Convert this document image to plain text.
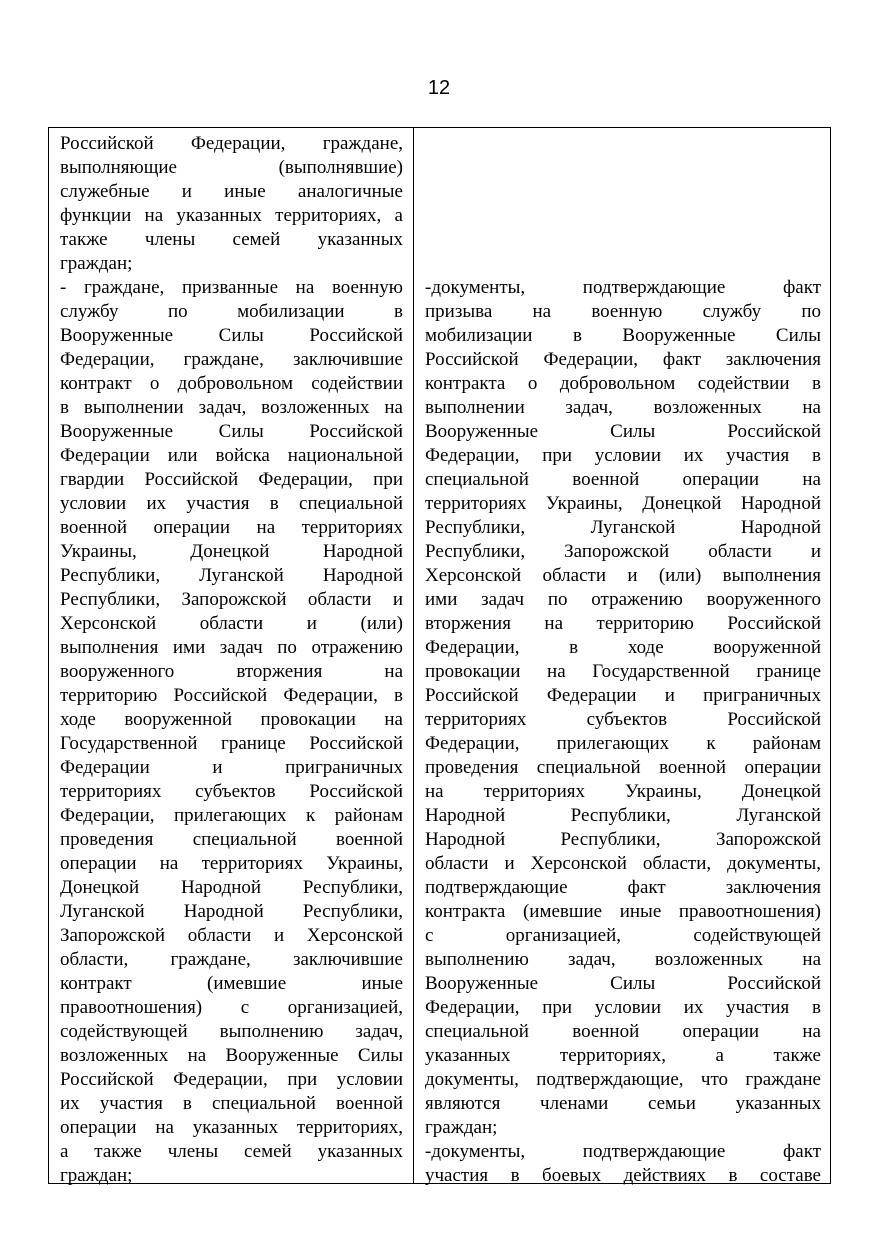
12
Российской Федерации, граждане,
выполняющие (выполнявшие)
служебные и иные аналогичные
функции на указанных территориях, а
также члены семей указанных
граждан;
- граждане, призванные на военную
службу по мобилизации в
Вооруженные Силы Российской
Федерации, граждане, заключившие
контракт о добровольном содействии
в выполнении задач, возложенных на
Вооруженные Силы Российской
Федерации или войска национальной
гвардии Российской Федерации, при
условии их участия в специальной
военной операции на территориях
Украины, Донецкой Народной
Республики, Луганской Народной
Республики, Запорожской области и
Херсонской области и (или)
выполнения ими задач по отражению
вооруженного вторжения на
территорию Российской Федерации, в
ходе вооруженной провокации на
Государственной границе Российской
Федерации и приграничных
территориях субъектов Российской
Федерации, прилегающих к районам
проведения специальной военной
операции на территориях Украины,
Донецкой Народной Республики,
Луганской Народной Республики,
Запорожской области и Херсонской
области, граждане, заключившие
контракт (имевшие иные
правоотношения) с организацией,
содействующей выполнению задач,
возложенных на Вооруженные Силы
Российской Федерации, при условии
их участия в специальной военной
операции на указанных территориях,
а также члены семей указанных
граждан;
-документы, подтверждающие факт
призыва на военную службу по
мобилизации в Вооруженные Силы
Российской Федерации, факт заключения
контракта о добровольном содействии в
выполнении задач, возложенных на
Вооруженные Силы Российской
Федерации, при условии их участия в
специальной военной операции на
территориях Украины, Донецкой Народной
Республики, Луганской Народной
Республики, Запорожской области и
Херсонской области и (или) выполнения
ими задач по отражению вооруженного
вторжения на территорию Российской
Федерации, в ходе вооруженной
провокации на Государственной границе
Российской Федерации и приграничных
территориях субъектов Российской
Федерации, прилегающих к районам
проведения специальной военной операции
на территориях Украины, Донецкой
Народной Республики, Луганской
Народной Республики, Запорожской
области и Херсонской области, документы,
подтверждающие факт заключения
контракта (имевшие иные правоотношения)
с организацией, содействующей
выполнению задач, возложенных на
Вооруженные Силы Российской
Федерации, при условии их участия в
специальной военной операции на
указанных территориях, а также
документы, подтверждающие, что граждане
являются членами семьи указанных
граждан;
-документы, подтверждающие факт
участия в боевых действиях в составе
